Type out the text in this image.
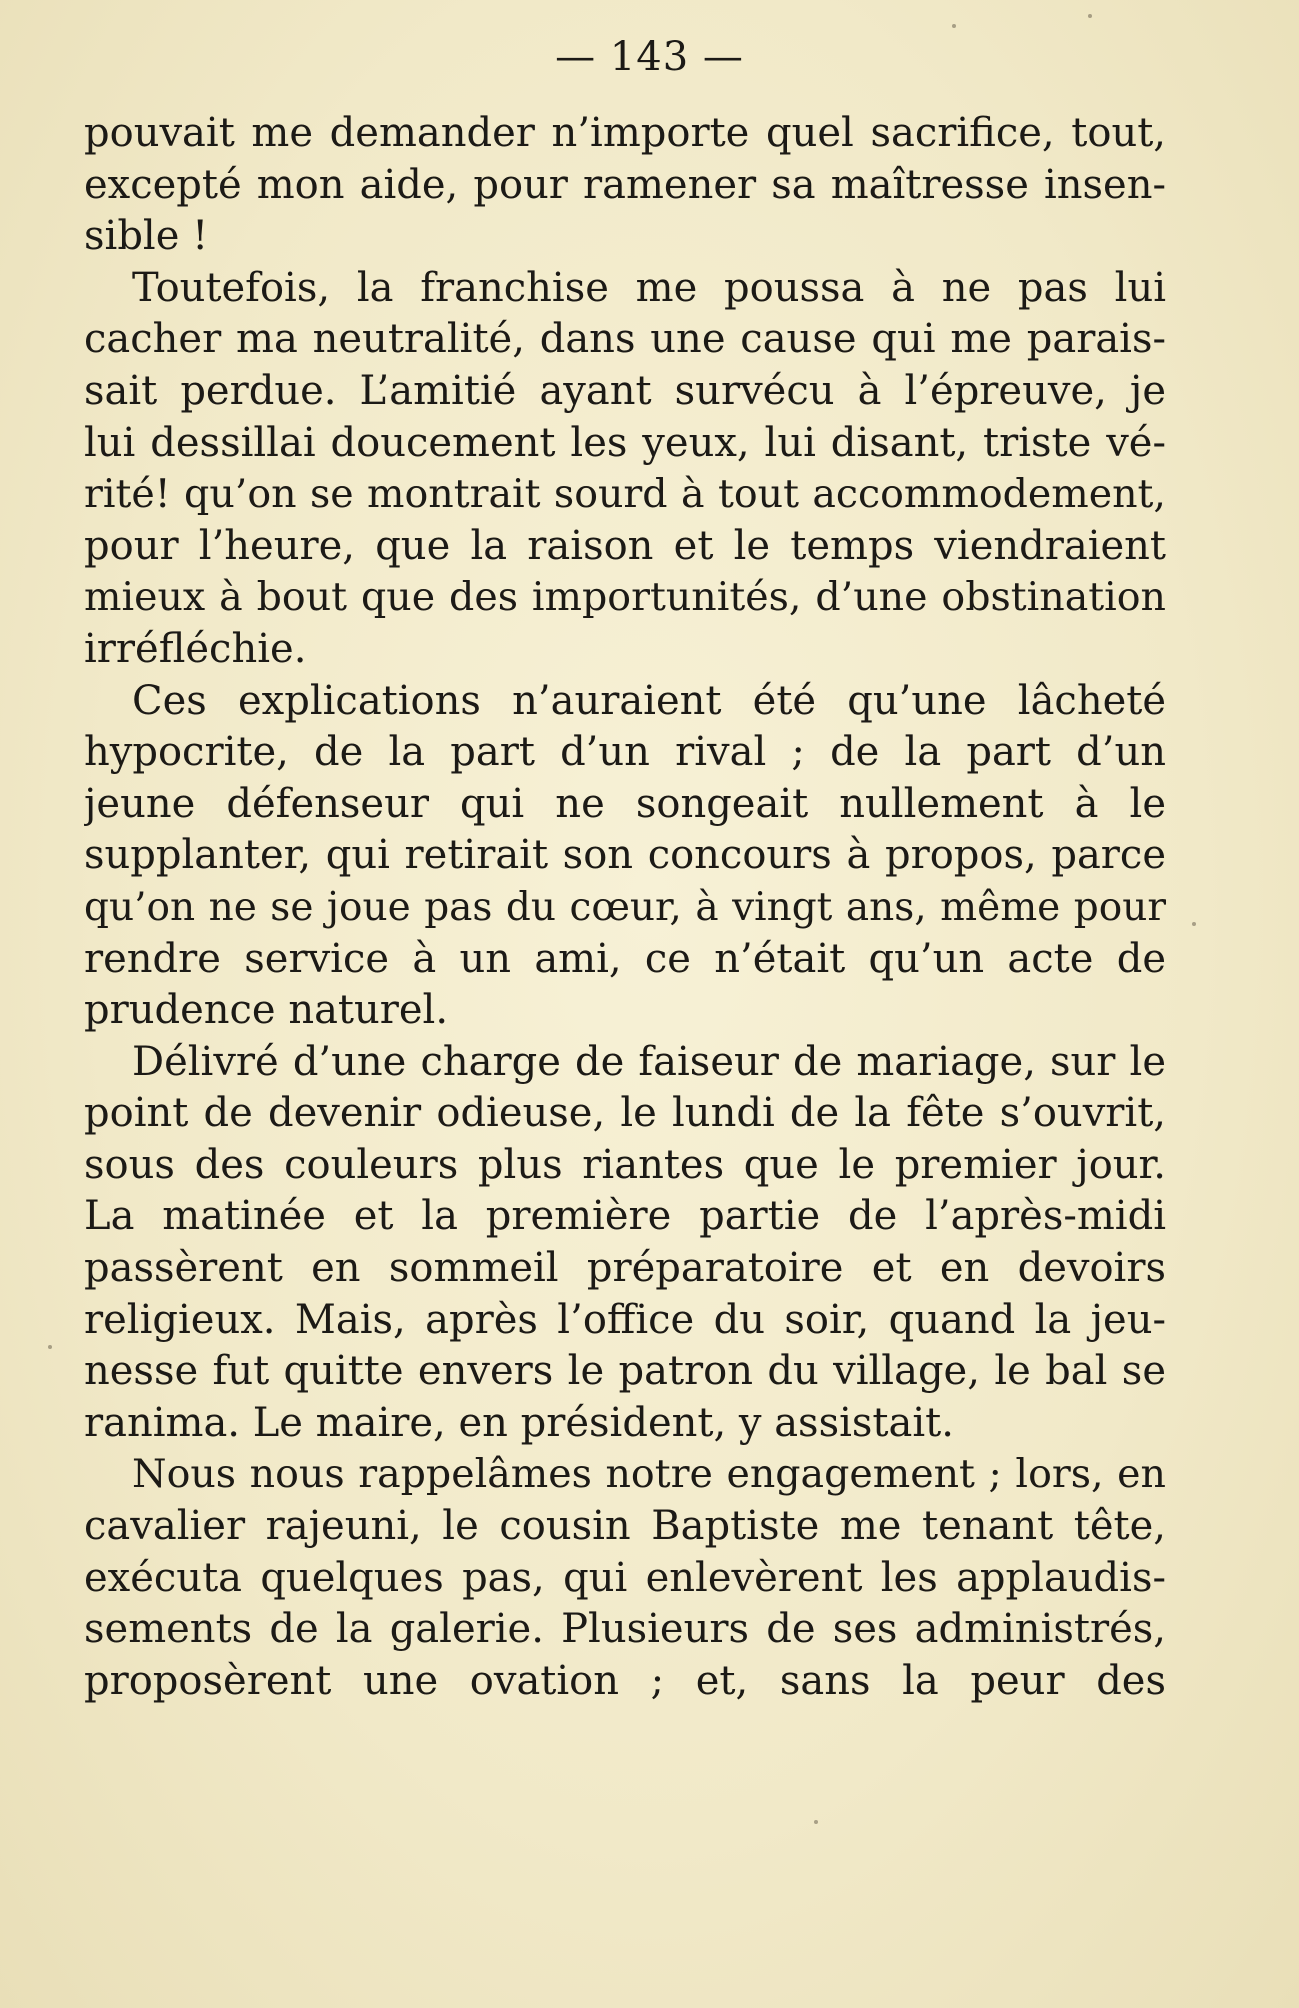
— 143 —
pouvait me demander n’importe quel sacrifice, tout,
excepté mon aide, pour ramener sa maîtresse insen-
sible !
Toutefois, la franchise me poussa à ne pas lui
cacher ma neutralité, dans une cause qui me parais-
sait perdue. L’amitié ayant survécu à l’épreuve, je
lui dessillai doucement les yeux, lui disant, triste vé-
rité! qu’on se montrait sourd à tout accommodement,
pour l’heure, que la raison et le temps viendraient
mieux à bout que des importunités, d’une obstination
irréfléchie.
Ces explications n’auraient été qu’une lâcheté
hypocrite, de la part d’un rival ; de la part d’un
jeune défenseur qui ne songeait nullement à le
supplanter, qui retirait son concours à propos, parce
qu’on ne se joue pas du cœur, à vingt ans, même pour
rendre service à un ami, ce n’était qu’un acte de
prudence naturel.
Délivré d’une charge de faiseur de mariage, sur le
point de devenir odieuse, le lundi de la fête s’ouvrit,
sous des couleurs plus riantes que le premier jour.
La matinée et la première partie de l’après-midi
passèrent en sommeil préparatoire et en devoirs
religieux. Mais, après l’office du soir, quand la jeu-
nesse fut quitte envers le patron du village, le bal se
ranima. Le maire, en président, y assistait.
Nous nous rappelâmes notre engagement ; lors, en
cavalier rajeuni, le cousin Baptiste me tenant tête,
exécuta quelques pas, qui enlevèrent les applaudis-
sements de la galerie. Plusieurs de ses administrés,
proposèrent une ovation ; et, sans la peur des
